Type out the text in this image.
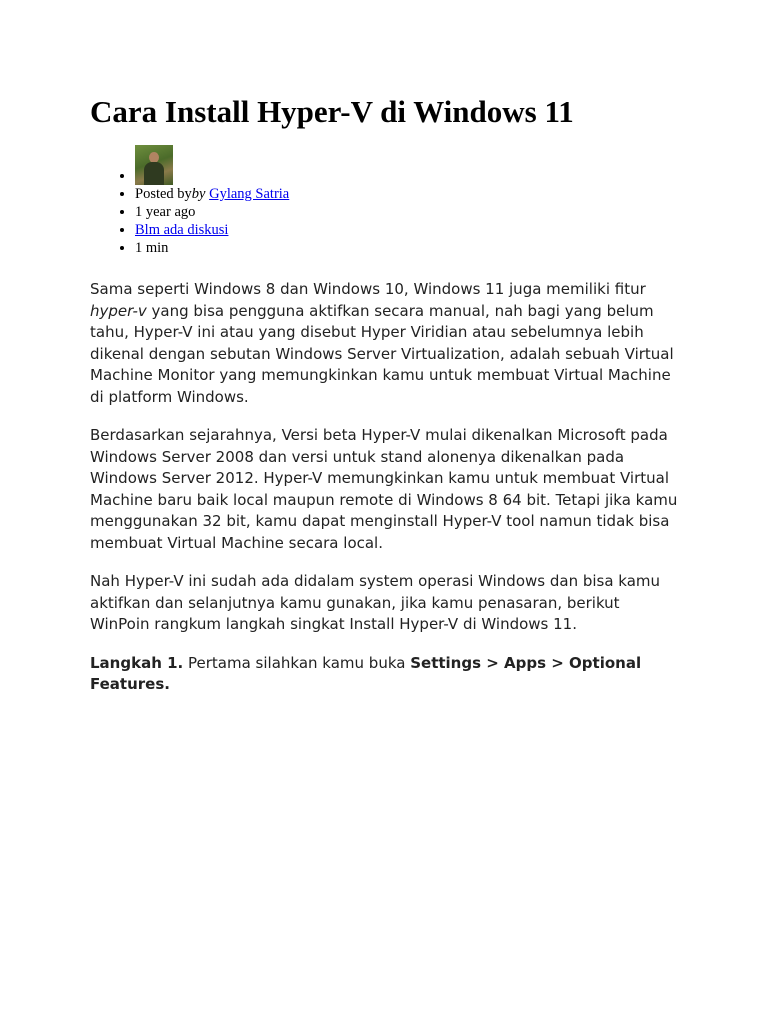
Cara Install Hyper-V di Windows 11
•
• Posted byby Gylang Satria
• 1 year ago
• Blm ada diskusi
• 1 min

Sama seperti Windows 8 dan Windows 10, Windows 11 juga memiliki fitur hyper-v yang bisa pengguna aktifkan secara manual, nah bagi yang belum tahu, Hyper-V ini atau yang disebut Hyper Viridian atau sebelumnya lebih dikenal dengan sebutan Windows Server Virtualization, adalah sebuah Virtual Machine Monitor yang memungkinkan kamu untuk membuat Virtual Machine di platform Windows.

Berdasarkan sejarahnya, Versi beta Hyper-V mulai dikenalkan Microsoft pada Windows Server 2008 dan versi untuk stand alonenya dikenalkan pada Windows Server 2012. Hyper-V memungkinkan kamu untuk membuat Virtual Machine baru baik local maupun remote di Windows 8 64 bit. Tetapi jika kamu menggunakan 32 bit, kamu dapat menginstall Hyper-V tool namun tidak bisa membuat Virtual Machine secara local.

Nah Hyper-V ini sudah ada didalam system operasi Windows dan bisa kamu aktifkan dan selanjutnya kamu gunakan, jika kamu penasaran, berikut WinPoin rangkum langkah singkat Install Hyper-V di Windows 11.

Langkah 1. Pertama silahkan kamu buka Settings > Apps > Optional Features.
